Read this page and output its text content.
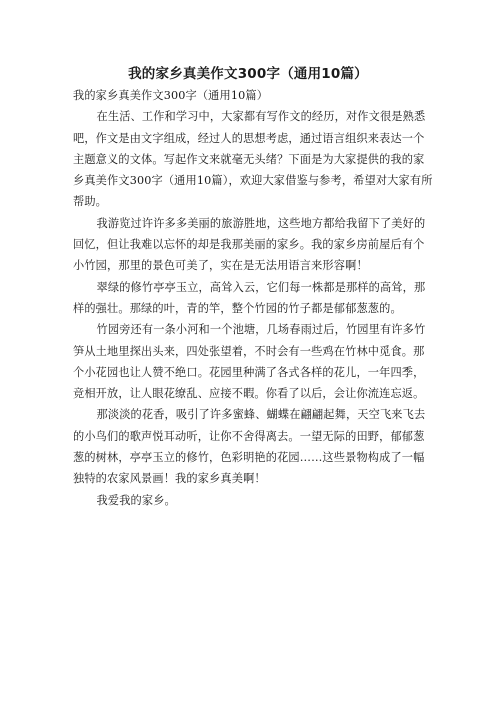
我的家乡真美作文300字（通用10篇）

我的家乡真美作文300字（通用10篇）

在生活、工作和学习中，大家都有写作文的经历，对作文很是熟悉吧，作文是由文字组成，经过人的思想考虑，通过语言组织来表达一个主题意义的文体。写起作文来就毫无头绪？下面是为大家提供的我的家乡真美作文300字（通用10篇），欢迎大家借鉴与参考，希望对大家有所帮助。

我游览过许许多多美丽的旅游胜地，这些地方都给我留下了美好的回忆，但让我难以忘怀的却是我那美丽的家乡。我的家乡房前屋后有个小竹园，那里的景色可美了，实在是无法用语言来形容啊！

翠绿的修竹亭亭玉立，高耸入云，它们每一株都是那样的高耸，那样的强壮。那绿的叶，青的竿，整个竹园的竹子都是郁郁葱葱的。

竹园旁还有一条小河和一个池塘，几场春雨过后，竹园里有许多竹笋从土地里探出头来，四处张望着，不时会有一些鸡在竹林中觅食。那个小花园也让人赞不绝口。花园里种满了各式各样的花儿，一年四季，竞相开放，让人眼花缭乱、应接不暇。你看了以后，会让你流连忘返。

那淡淡的花香，吸引了许多蜜蜂、蝴蝶在翩翩起舞，天空飞来飞去的小鸟们的歌声悦耳动听，让你不舍得离去。一望无际的田野，郁郁葱葱的树林，亭亭玉立的修竹，色彩明艳的花园……这些景物构成了一幅独特的农家风景画！我的家乡真美啊！

我爱我的家乡。
